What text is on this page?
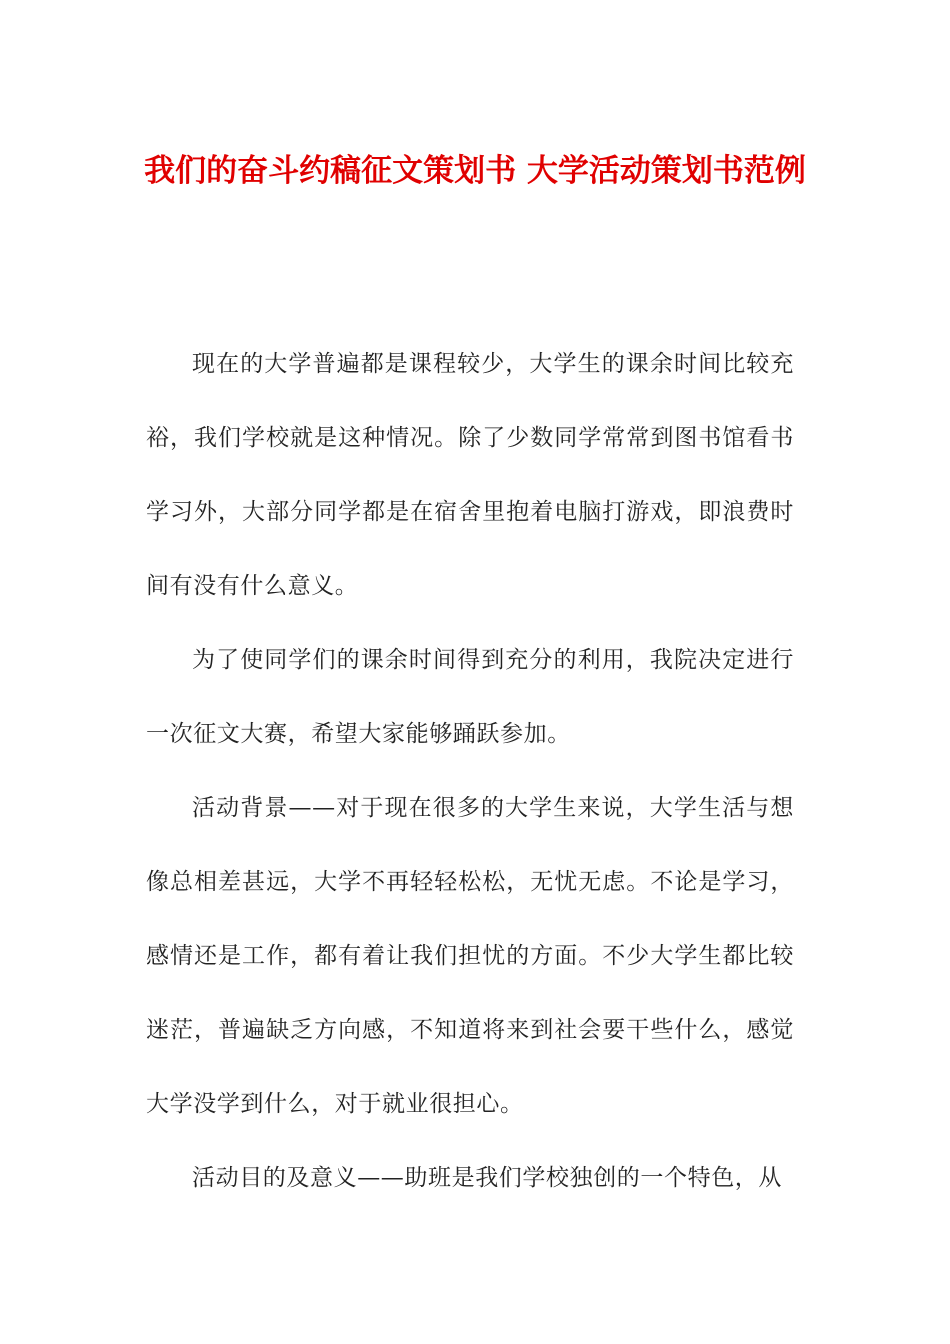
我们的奋斗约稿征文策划书 大学活动策划书范例

现在的大学普遍都是课程较少，大学生的课余时间比较充裕，我们学校就是这种情况。除了少数同学常常到图书馆看书学习外，大部分同学都是在宿舍里抱着电脑打游戏，即浪费时间有没有什么意义。

为了使同学们的课余时间得到充分的利用，我院决定进行一次征文大赛，希望大家能够踊跃参加。

活动背景——对于现在很多的大学生来说，大学生活与想像总相差甚远，大学不再轻轻松松，无忧无虑。不论是学习，感情还是工作，都有着让我们担忧的方面。不少大学生都比较迷茫，普遍缺乏方向感，不知道将来到社会要干些什么，感觉大学没学到什么，对于就业很担心。

活动目的及意义——助班是我们学校独创的一个特色，从
